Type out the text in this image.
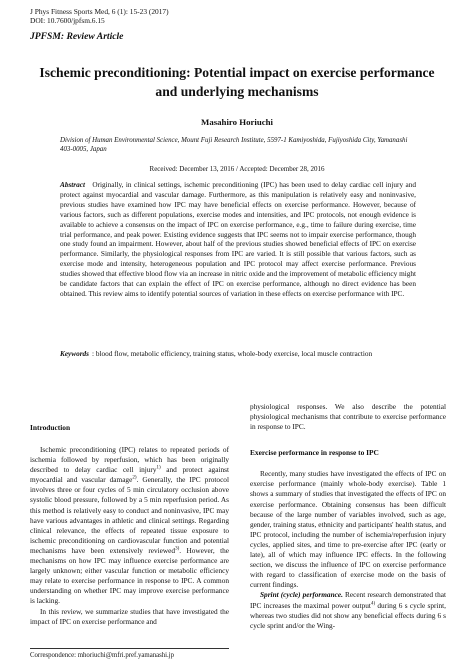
J Phys Fitness Sports Med, 6 (1): 15-23 (2017)
DOI: 10.7600/jpfsm.6.15
JPFSM: Review Article
Ischemic preconditioning: Potential impact on exercise performance
and underlying mechanisms
Masahiro Horiuchi
Division of Human Environmental Science, Mount Fuji Research Institute, 5597-1 Kamiyoshida, Fujiyoshida City, Yamanashi 403-0005, Japan
Received: December 13, 2016 / Accepted: December 28, 2016
Abstract Originally, in clinical settings, ischemic preconditioning (IPC) has been used to delay cardiac cell injury and protect against myocardial and vascular damage. Furthermore, as this manipulation is relatively easy and noninvasive, previous studies have examined how IPC may have beneficial effects on exercise performance. However, because of various factors, such as different populations, exercise modes and intensities, and IPC protocols, not enough evidence is available to achieve a consensus on the impact of IPC on exercise performance, e.g., time to failure during exercise, time trial performance, and peak power. Existing evidence suggests that IPC seems not to impair exercise performance, though one study found an impairment. However, about half of the previous studies showed beneficial effects of IPC on exercise performance. Similarly, the physiological responses from IPC are varied. It is still possible that various factors, such as exercise mode and intensity, heterogeneous population and IPC protocol may affect exercise performance. Previous studies showed that effective blood flow via an increase in nitric oxide and the improvement of metabolic efficiency might be candidate factors that can explain the effect of IPC on exercise performance, although no direct evidence has been obtained. This review aims to identify potential sources of variation in these effects on exercise performance with IPC.
Keywords : blood flow, metabolic efficiency, training status, whole-body exercise, local muscle contraction
Introduction

Ischemic preconditioning (IPC) relates to repeated periods of ischemia followed by reperfusion, which has been originally described to delay cardiac cell injury$^{1)}$ and protect against myocardial and vascular damage$^{2)}$. Generally, the IPC protocol involves three or four cycles of 5 min circulatory occlusion above systolic blood pressure, followed by a 5 min reperfusion period. As this method is relatively easy to conduct and noninvasive, IPC may have various advantages in athletic and clinical settings. Regarding clinical relevance, the effects of repeated tissue exposure to ischemic preconditioning on cardiovascular function and potential mechanisms have been extensively reviewed$^{3)}$. However, the mechanisms on how IPC may influence exercise performance are largely unknown; either vascular function or metabolic efficiency may relate to exercise performance in response to IPC. A common understanding on whether IPC may improve exercise performance is lacking.

In this review, we summarize studies that have investigated the impact of IPC on exercise performance and

physiological responses. We also describe the potential physiological mechanisms that contribute to exercise performance in response to IPC.
Exercise performance in response to IPC

Recently, many studies have investigated the effects of IPC on exercise performance (mainly whole-body exercise). Table 1 shows a summary of studies that investigated the effects of IPC on exercise performance. Obtaining consensus has been difficult because of the large number of variables involved, such as age, gender, training status, ethnicity and participants' health status, and IPC protocol, including the number of ischemia/reperfusion injury cycles, applied sites, and time to pre-exercise after IPC (early or late), all of which may influence IPC effects. In the following section, we discuss the influence of IPC on exercise performance with regard to classification of exercise mode on the basis of current findings.

Sprint (cycle) performance. Recent research demonstrated that IPC increases the maximal power output$^{4)}$ during 6 s cycle sprint, whereas two studies did not show any beneficial effects during 6 s cycle sprint and/or the Wing-

Correspondence: mhoriuchi@mfri.pref.yamanashi.jp
